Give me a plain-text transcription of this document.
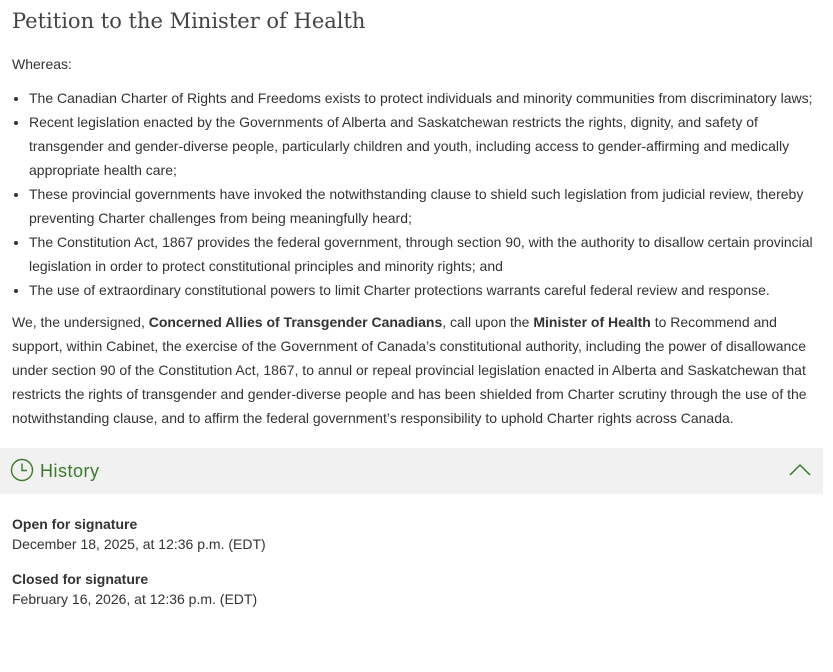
Petition to the Minister of Health
Whereas:
• The Canadian Charter of Rights and Freedoms exists to protect individuals and minority communities from discriminatory laws;
• Recent legislation enacted by the Governments of Alberta and Saskatchewan restricts the rights, dignity, and safety of transgender and gender-diverse people, particularly children and youth, including access to gender-affirming and medically appropriate health care;
• These provincial governments have invoked the notwithstanding clause to shield such legislation from judicial review, thereby preventing Charter challenges from being meaningfully heard;
• The Constitution Act, 1867 provides the federal government, through section 90, with the authority to disallow certain provincial legislation in order to protect constitutional principles and minority rights; and
• The use of extraordinary constitutional powers to limit Charter protections warrants careful federal review and response.

We, the undersigned, Concerned Allies of Transgender Canadians, call upon the Minister of Health to Recommend and support, within Cabinet, the exercise of the Government of Canada’s constitutional authority, including the power of disallowance under section 90 of the Constitution Act, 1867, to annul or repeal provincial legislation enacted in Alberta and Saskatchewan that restricts the rights of transgender and gender-diverse people and has been shielded from Charter scrutiny through the use of the notwithstanding clause, and to affirm the federal government’s responsibility to uphold Charter rights across Canada.

History
Open for signature
December 18, 2025, at 12:36 p.m. (EDT)
Closed for signature
February 16, 2026, at 12:36 p.m. (EDT)
